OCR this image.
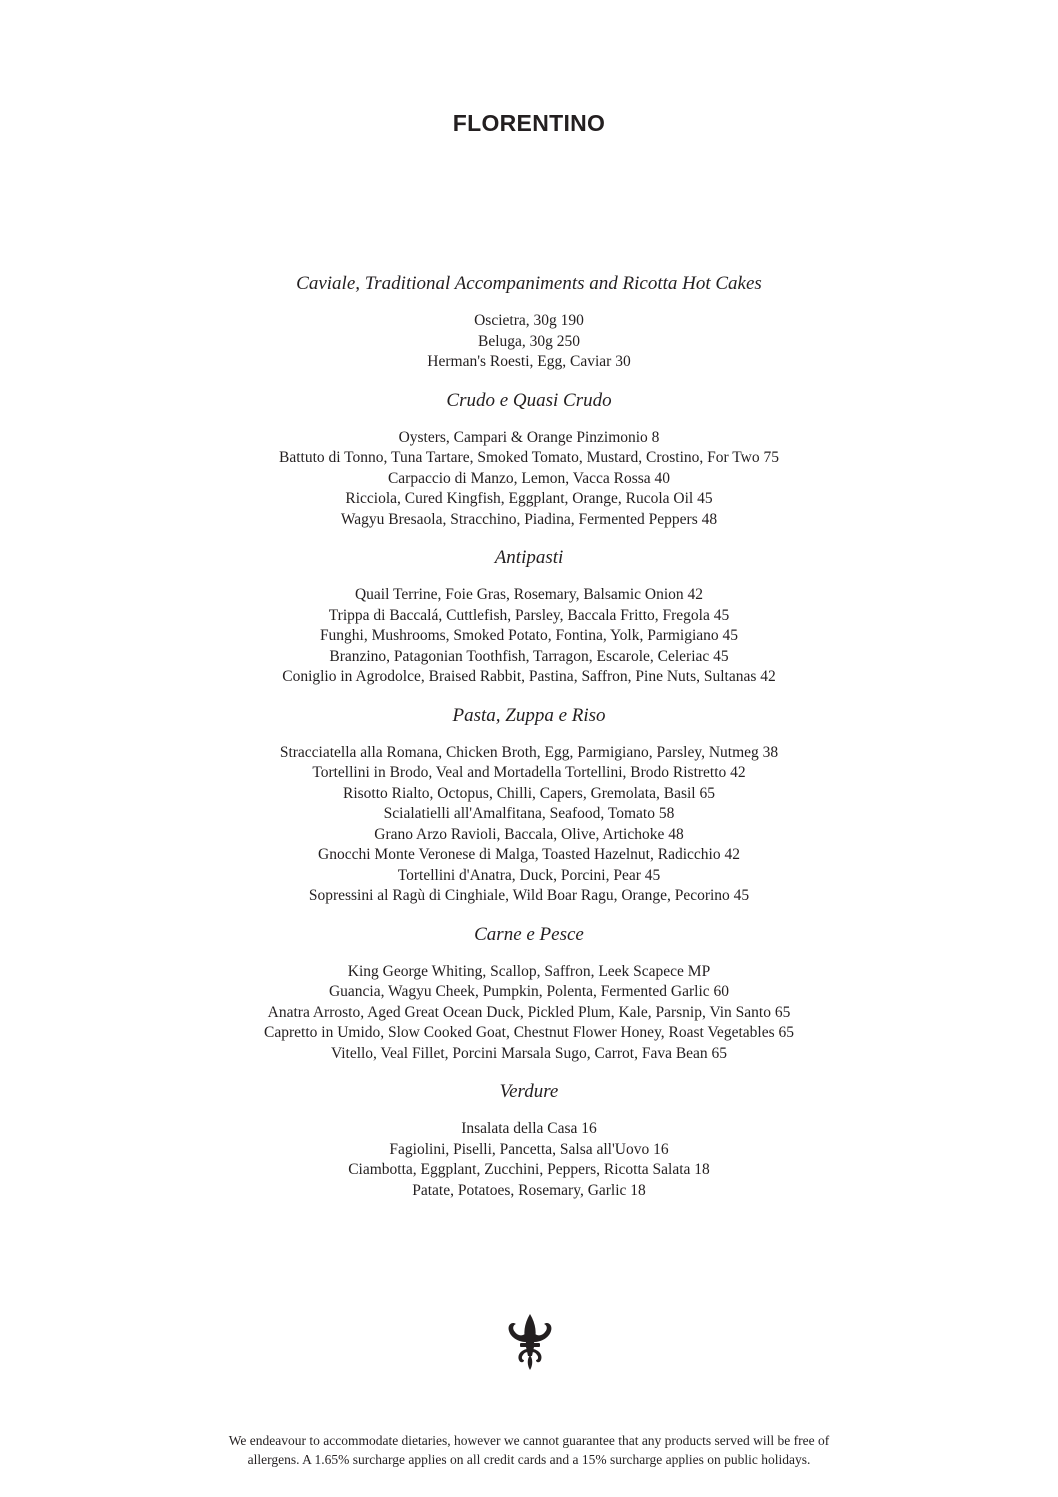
FLORENTINO
Caviale, Traditional Accompaniments and Ricotta Hot Cakes
Oscietra, 30g 190
Beluga, 30g 250
Herman's Roesti, Egg, Caviar 30
Crudo e Quasi Crudo
Oysters, Campari & Orange Pinzimonio 8
Battuto di Tonno, Tuna Tartare, Smoked Tomato, Mustard, Crostino, For Two 75
Carpaccio di Manzo, Lemon, Vacca Rossa 40
Ricciola, Cured Kingfish, Eggplant, Orange, Rucola Oil 45
Wagyu Bresaola, Stracchino, Piadina, Fermented Peppers 48
Antipasti
Quail Terrine, Foie Gras, Rosemary, Balsamic Onion 42
Trippa di Baccalá, Cuttlefish, Parsley, Baccala Fritto, Fregola 45
Funghi, Mushrooms, Smoked Potato, Fontina, Yolk, Parmigiano 45
Branzino, Patagonian Toothfish, Tarragon, Escarole, Celeriac 45
Coniglio in Agrodolce, Braised Rabbit, Pastina, Saffron, Pine Nuts, Sultanas 42
Pasta, Zuppa e Riso
Stracciatella alla Romana, Chicken Broth, Egg, Parmigiano, Parsley, Nutmeg 38
Tortellini in Brodo, Veal and Mortadella Tortellini, Brodo Ristretto 42
Risotto Rialto, Octopus, Chilli, Capers, Gremolata, Basil 65
Scialatielli all'Amalfitana, Seafood, Tomato 58
Grano Arzo Ravioli, Baccala, Olive, Artichoke 48
Gnocchi Monte Veronese di Malga, Toasted Hazelnut, Radicchio 42
Tortellini d'Anatra, Duck, Porcini, Pear 45
Sopressini al Ragù di Cinghiale, Wild Boar Ragu, Orange, Pecorino 45
Carne e Pesce
King George Whiting, Scallop, Saffron, Leek Scapece MP
Guancia, Wagyu Cheek, Pumpkin, Polenta, Fermented Garlic 60
Anatra Arrosto, Aged Great Ocean Duck, Pickled Plum, Kale, Parsnip, Vin Santo 65
Capretto in Umido, Slow Cooked Goat, Chestnut Flower Honey, Roast Vegetables 65
Vitello, Veal Fillet, Porcini Marsala Sugo, Carrot, Fava Bean 65
Verdure
Insalata della Casa 16
Fagiolini, Piselli, Pancetta, Salsa all'Uovo 16
Ciambotta, Eggplant, Zucchini, Peppers, Ricotta Salata 18
Patate, Potatoes, Rosemary, Garlic 18
We endeavour to accommodate dietaries, however we cannot guarantee that any products served will be free of
allergens. A 1.65% surcharge applies on all credit cards and a 15% surcharge applies on public holidays.
